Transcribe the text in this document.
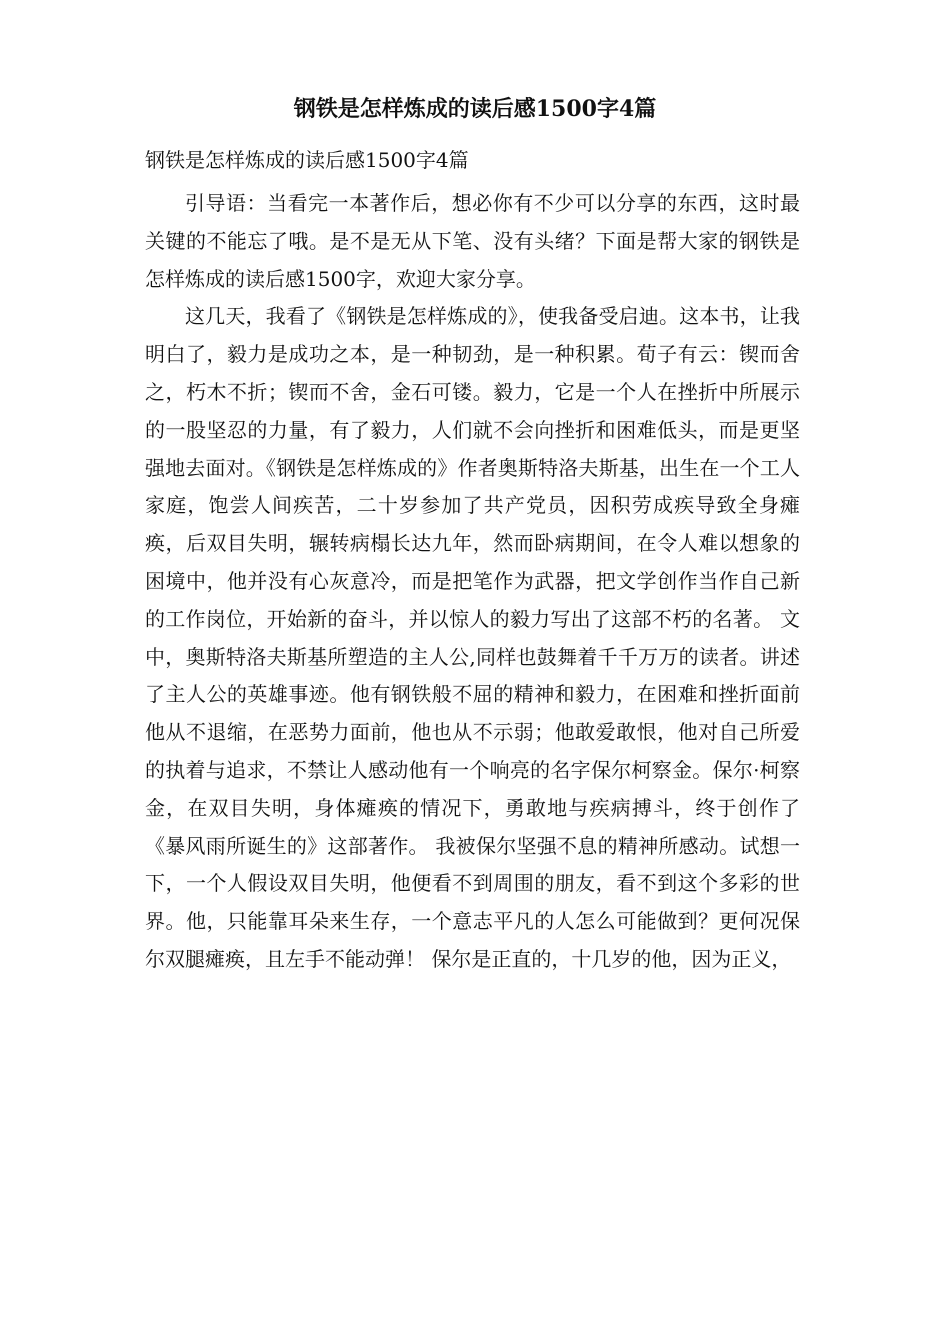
钢铁是怎样炼成的读后感1500字4篇
钢铁是怎样炼成的读后感1500字4篇

引导语：当看完一本著作后，想必你有不少可以分享的东西，这时最关键的不能忘了哦。是不是无从下笔、没有头绪？下面是帮大家的钢铁是怎样炼成的读后感1500字，欢迎大家分享。

这几天，我看了《钢铁是怎样炼成的》，使我备受启迪。这本书，让我明白了，毅力是成功之本，是一种韧劲，是一种积累。荀子有云：锲而舍之，朽木不折；锲而不舍，金石可镂。毅力，它是一个人在挫折中所展示的一股坚忍的力量，有了毅力，人们就不会向挫折和困难低头，而是更坚强地去面对。《钢铁是怎样炼成的》作者奥斯特洛夫斯基，出生在一个工人家庭，饱尝人间疾苦，二十岁参加了共产党员，因积劳成疾导致全身瘫痪，后双目失明，辗转病榻长达九年，然而卧病期间，在令人难以想象的困境中，他并没有心灰意冷，而是把笔作为武器，把文学创作当作自己新的工作岗位，开始新的奋斗，并以惊人的毅力写出了这部不朽的名著。 文中，奥斯特洛夫斯基所塑造的主人公,同样也鼓舞着千千万万的读者。讲述了主人公的英雄事迹。他有钢铁般不屈的精神和毅力，在困难和挫折面前他从不退缩，在恶势力面前，他也从不示弱；他敢爱敢恨，他对自己所爱的执着与追求，不禁让人感动他有一个响亮的名字保尔柯察金。保尔·柯察金，在双目失明，身体瘫痪的情况下，勇敢地与疾病搏斗，终于创作了《暴风雨所诞生的》这部著作。 我被保尔坚强不息的精神所感动。试想一下，一个人假设双目失明，他便看不到周围的朋友，看不到这个多彩的世界。他，只能靠耳朵来生存，一个意志平凡的人怎么可能做到？更何况保尔双腿瘫痪，且左手不能动弹！ 保尔是正直的，十几岁的他，因为正义，
